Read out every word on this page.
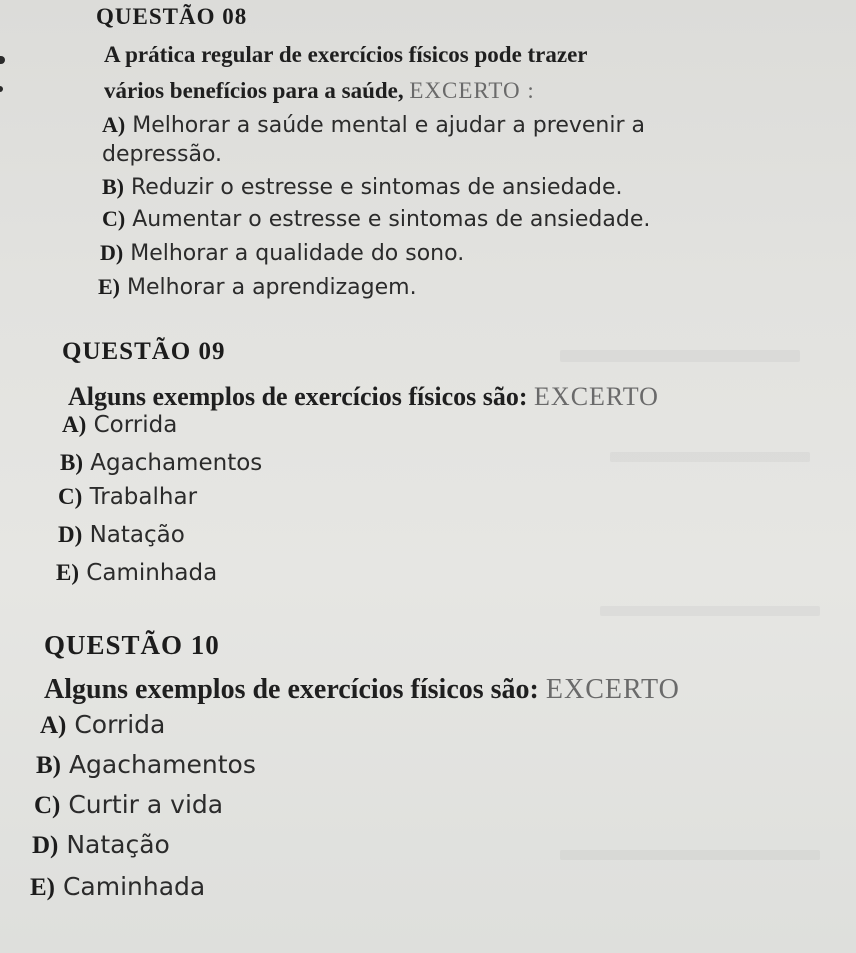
QUESTÃO 08
A prática regular de exercícios físicos pode trazer
vários benefícios para a saúde, EXCERTO :
A) Melhorar a saúde mental e ajudar a prevenir a
depressão.
B) Reduzir o estresse e sintomas de ansiedade.
C) Aumentar o estresse e sintomas de ansiedade.
D) Melhorar a qualidade do sono.
E) Melhorar a aprendizagem.
QUESTÃO 09
Alguns exemplos de exercícios físicos são: EXCERTO
A) Corrida
B) Agachamentos
C) Trabalhar
D) Natação
E) Caminhada
QUESTÃO 10
Alguns exemplos de exercícios físicos são: EXCERTO
A) Corrida
B) Agachamentos
C) Curtir a vida
D) Natação
E) Caminhada
